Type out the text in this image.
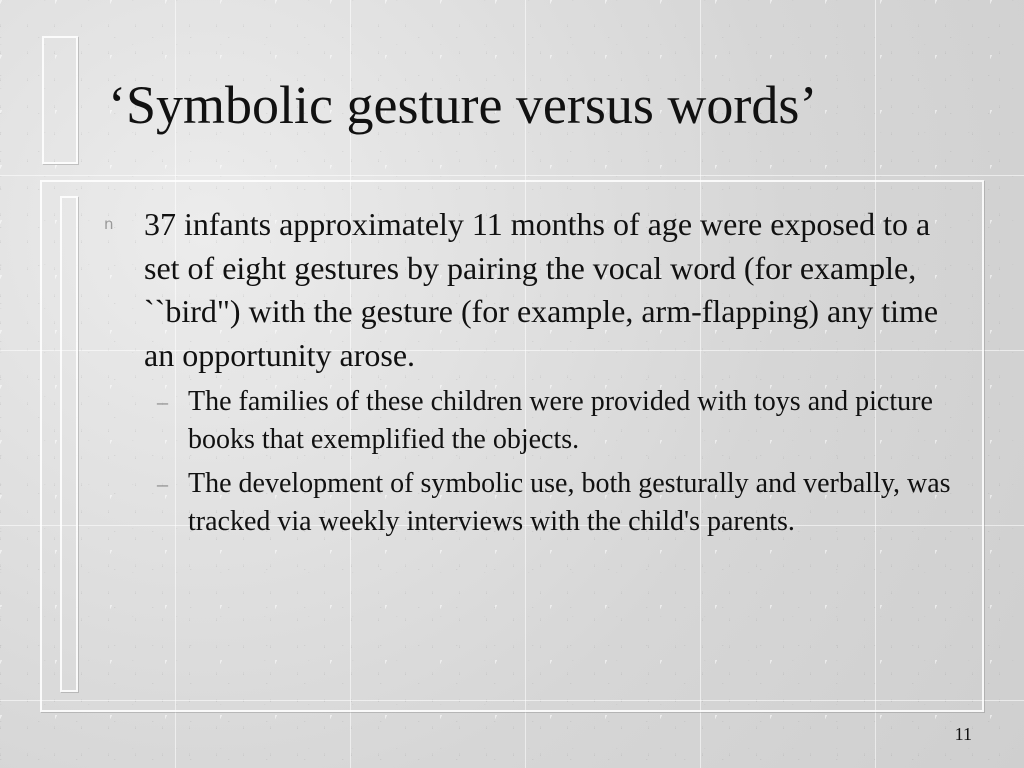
‘Symbolic gesture versus words’
n 37 infants approximately 11 months of age were exposed to a set of eight gestures by pairing the vocal word (for example, ``bird") with the gesture (for example, arm-flapping) any time an opportunity arose.
– The families of these children were provided with toys and picture books that exemplified the objects.
– The development of symbolic use, both gesturally and verbally, was tracked via weekly interviews with the child's parents.
11
